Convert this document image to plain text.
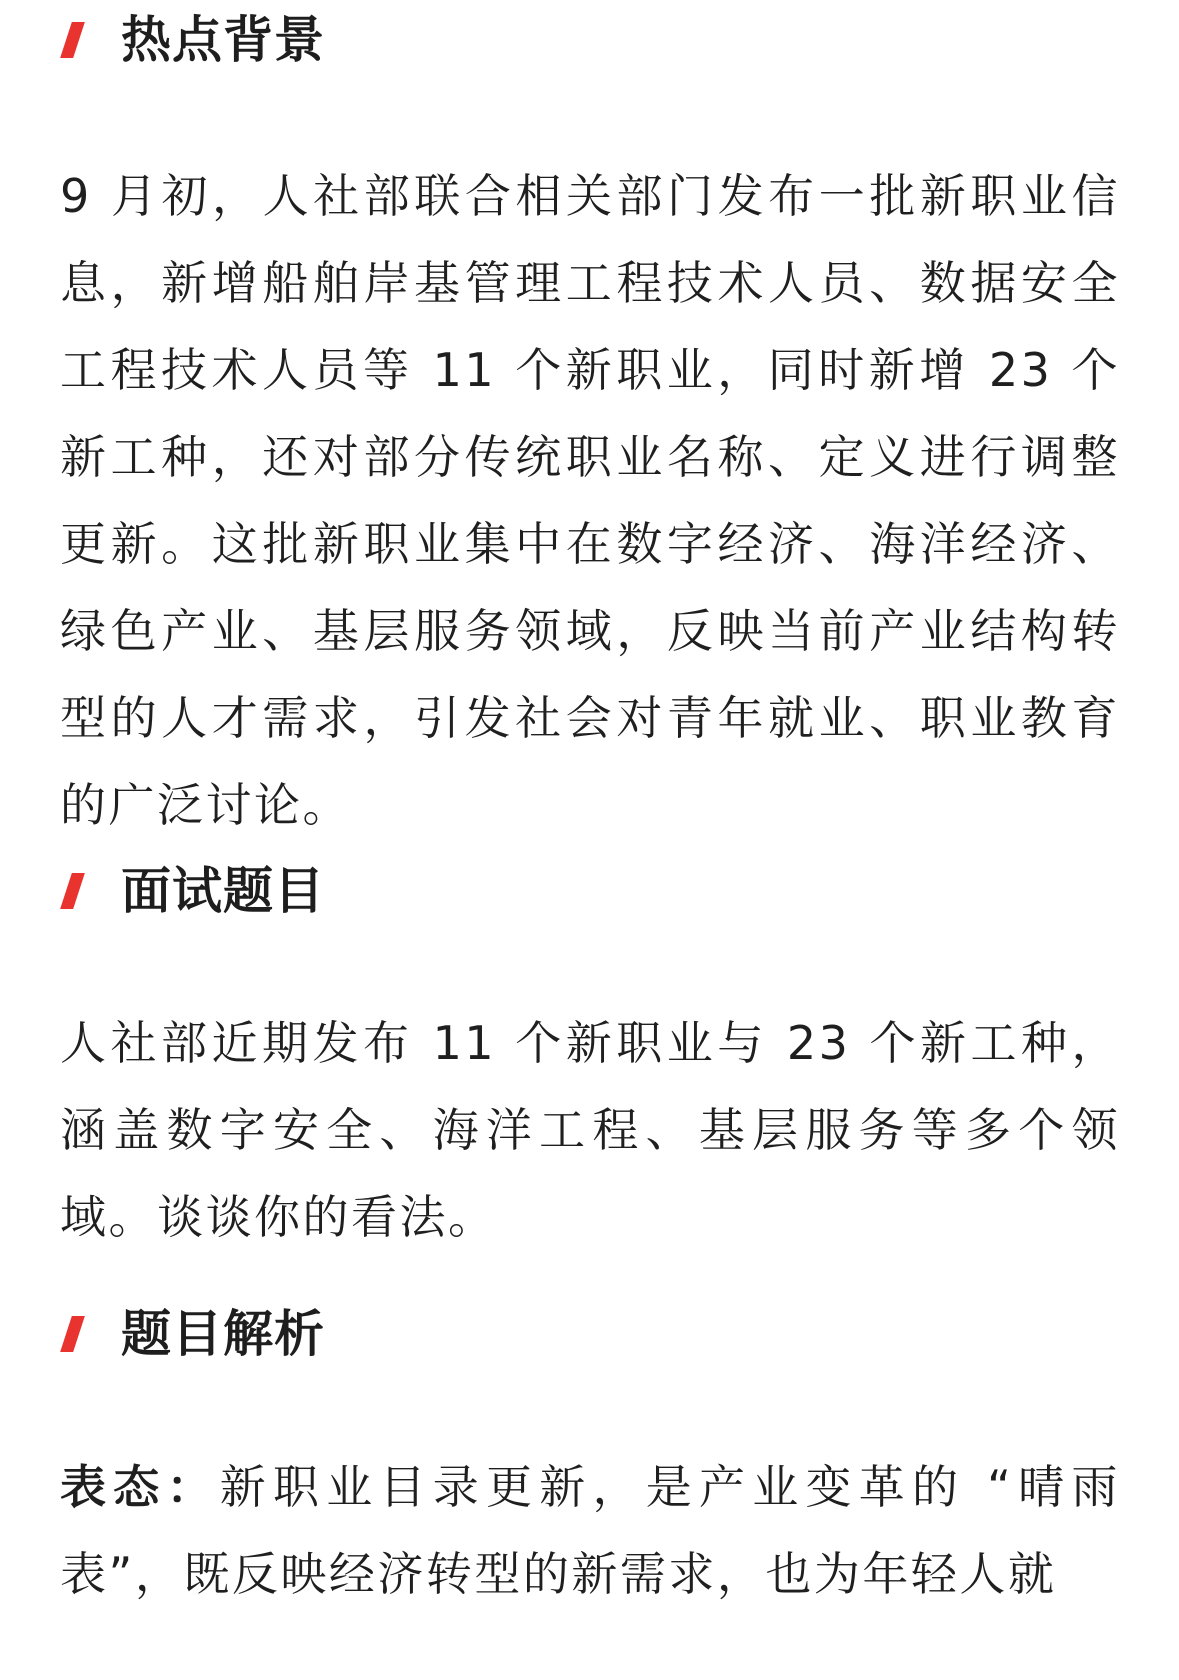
热点背景

9 月初，人社部联合相关部门发布一批新职业信息，新增船舶岸基管理工程技术人员、数据安全工程技术人员等 11 个新职业，同时新增 23 个新工种，还对部分传统职业名称、定义进行调整更新。这批新职业集中在数字经济、海洋经济、绿色产业、基层服务领域，反映当前产业结构转型的人才需求，引发社会对青年就业、职业教育的广泛讨论。

面试题目

人社部近期发布 11 个新职业与 23 个新工种，涵盖数字安全、海洋工程、基层服务等多个领域。谈谈你的看法。

题目解析

表态：新职业目录更新，是产业变革的 “晴雨表”，既反映经济转型的新需求，也为年轻人就
